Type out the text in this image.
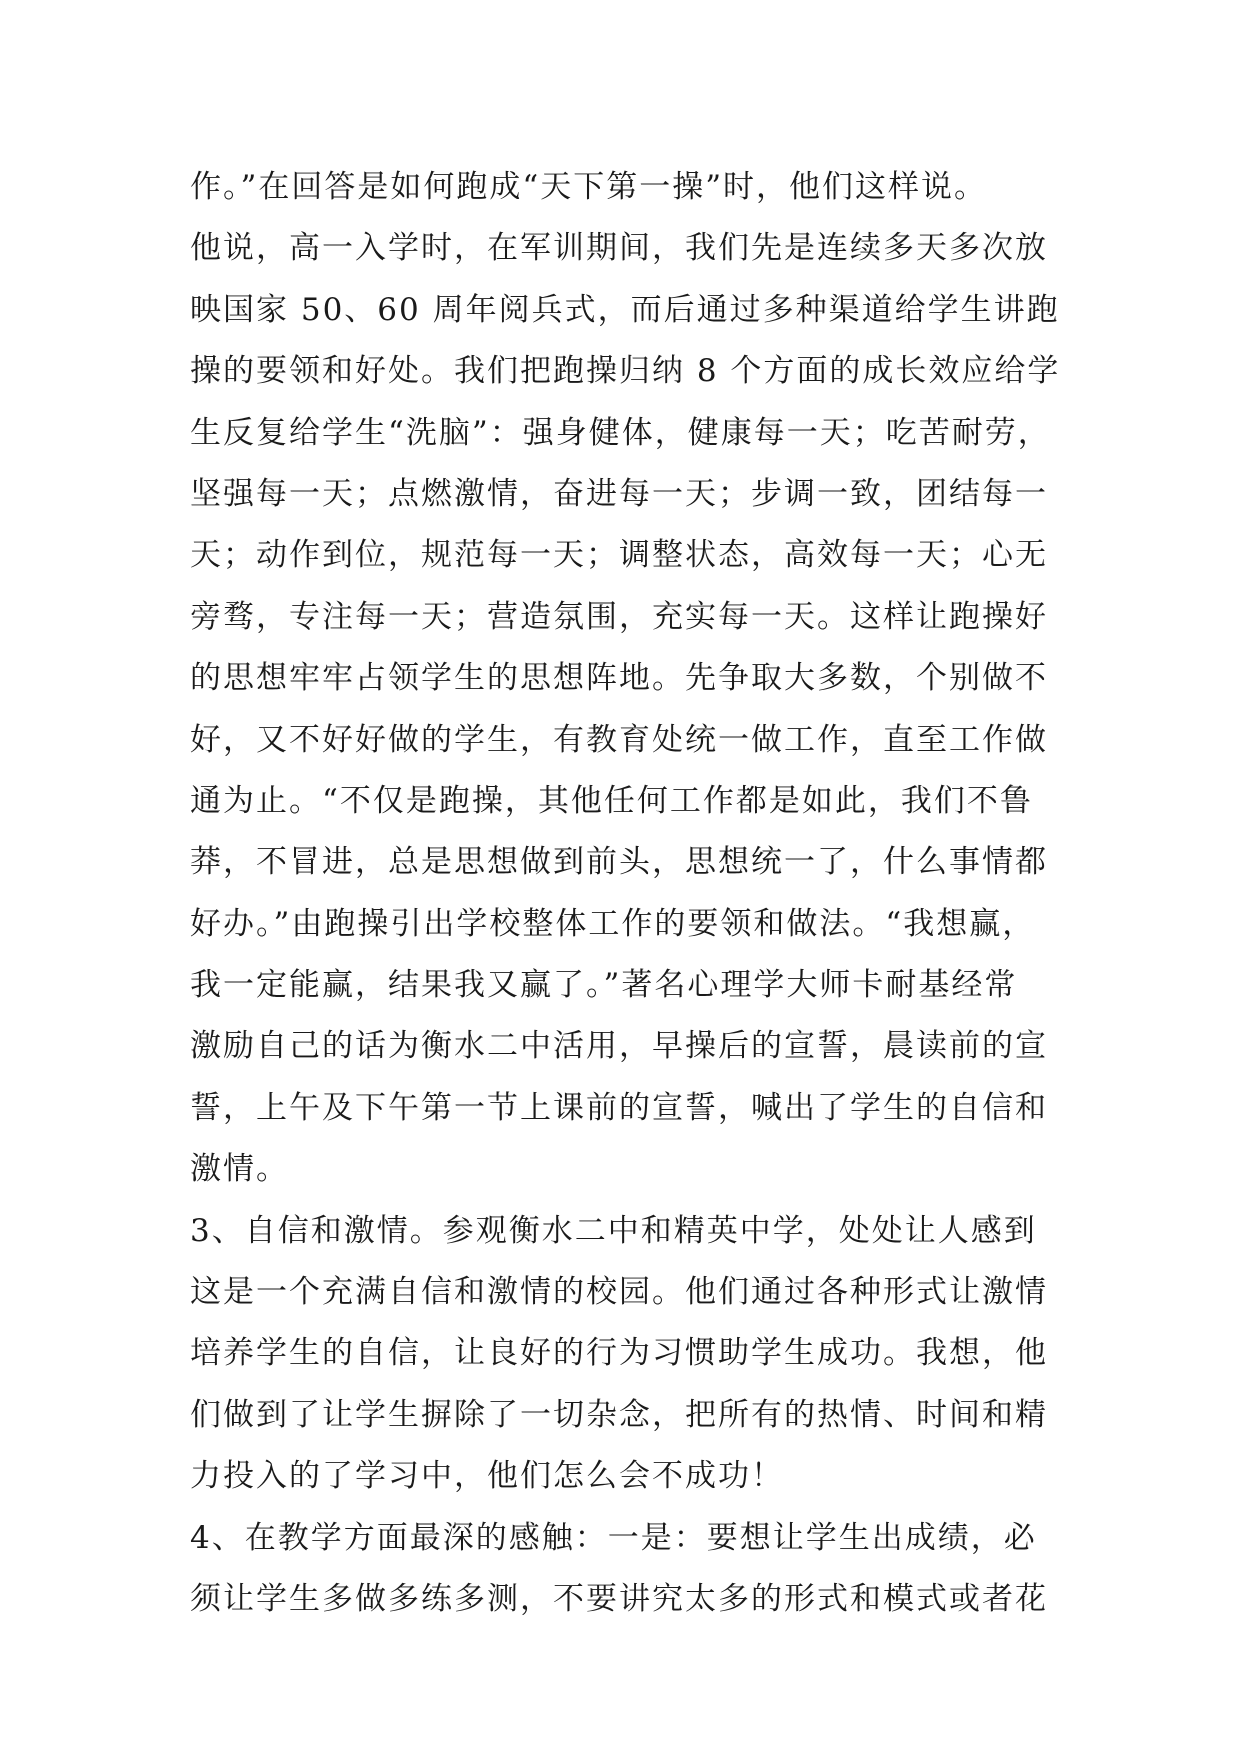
作。”在回答是如何跑成“天下第一操”时，他们这样说。
他说，高一入学时，在军训期间，我们先是连续多天多次放
映国家 50、60 周年阅兵式，而后通过多种渠道给学生讲跑
操的要领和好处。我们把跑操归纳 8 个方面的成长效应给学
生反复给学生“洗脑”：强身健体，健康每一天；吃苦耐劳，
坚强每一天；点燃激情，奋进每一天；步调一致，团结每一
天；动作到位，规范每一天；调整状态，高效每一天；心无
旁骛，专注每一天；营造氛围，充实每一天。这样让跑操好
的思想牢牢占领学生的思想阵地。先争取大多数，个别做不
好，又不好好做的学生，有教育处统一做工作，直至工作做
通为止。“不仅是跑操，其他任何工作都是如此，我们不鲁
莽，不冒进，总是思想做到前头，思想统一了，什么事情都
好办。”由跑操引出学校整体工作的要领和做法。“我想赢，
我一定能赢，结果我又赢了。”著名心理学大师卡耐基经常
激励自己的话为衡水二中活用，早操后的宣誓，晨读前的宣
誓，上午及下午第一节上课前的宣誓，喊出了学生的自信和
激情。
3、自信和激情。参观衡水二中和精英中学，处处让人感到
这是一个充满自信和激情的校园。他们通过各种形式让激情
培养学生的自信，让良好的行为习惯助学生成功。我想，他
们做到了让学生摒除了一切杂念，把所有的热情、时间和精
力投入的了学习中，他们怎么会不成功！
4、在教学方面最深的感触：一是：要想让学生出成绩，必
须让学生多做多练多测，不要讲究太多的形式和模式或者花
